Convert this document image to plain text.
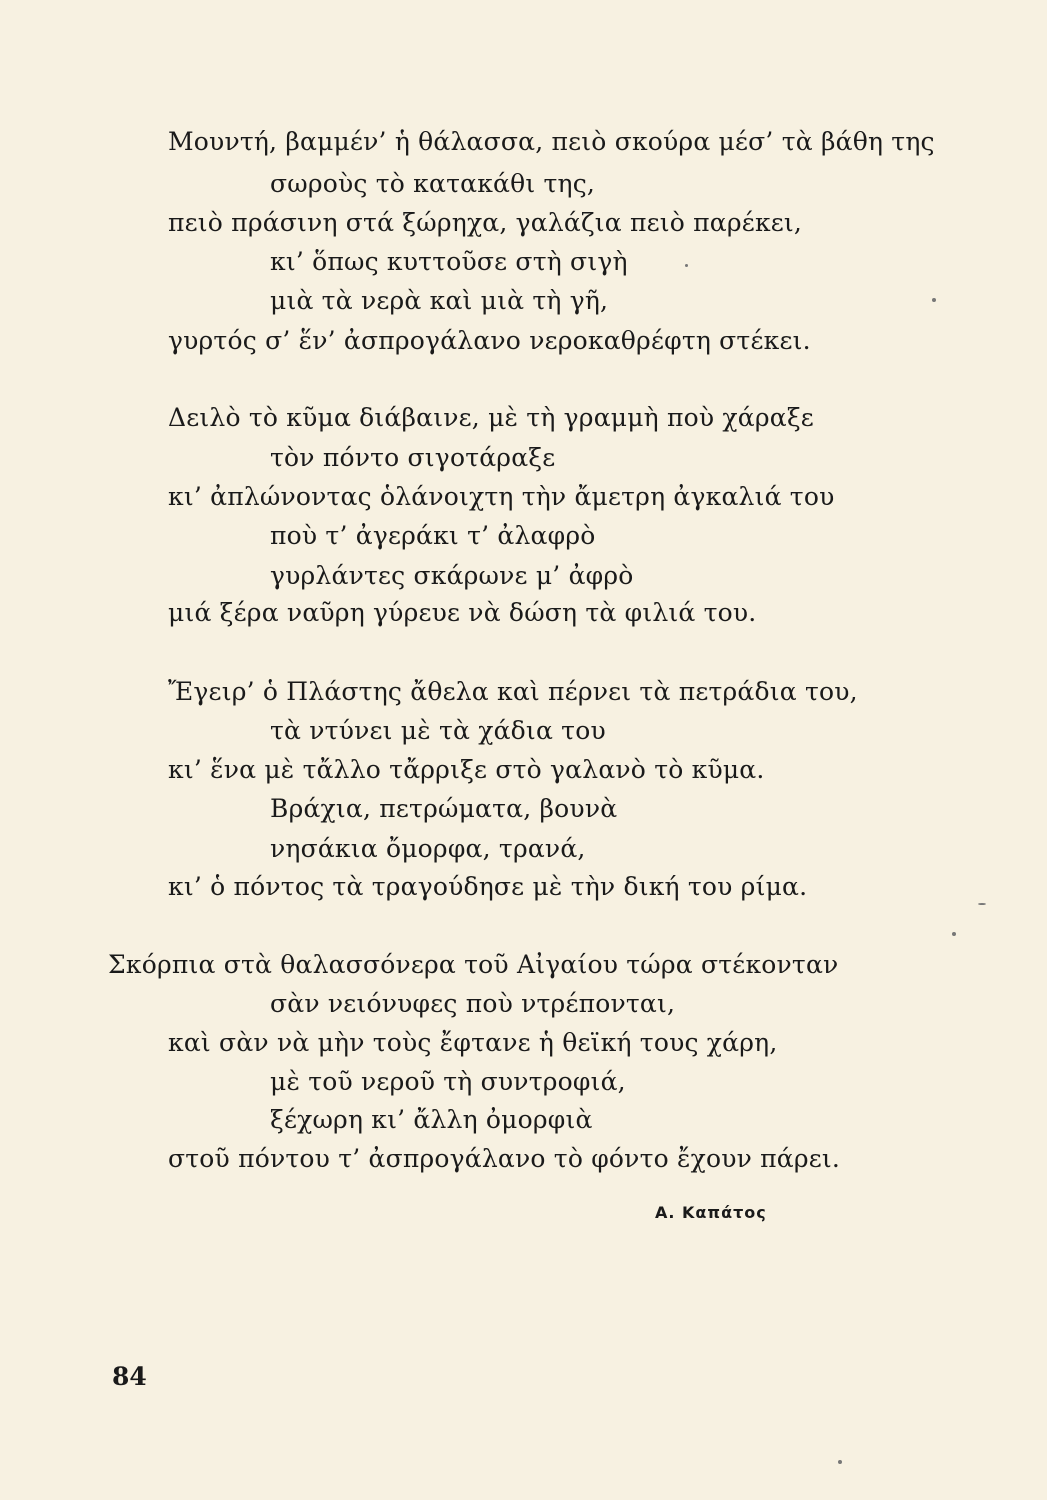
Μουντή, βαμμέν’ ἡ θάλασσα, πειὸ σκούρα μέσ’ τὰ βάθη της
σωροὺς τὸ κατακάθι της,
πειὸ πράσινη στά ξώρηχα, γαλάζια πειὸ παρέκει,
κι’ ὅπως κυττοῦσε στὴ σιγὴ
μιὰ τὰ νερὰ καὶ μιὰ τὴ γῆ,
γυρτός σ’ ἕν’ ἀσπρογάλανο νεροκαθρέφτη στέκει.
Δειλὸ τὸ κῦμα διάβαινε, μὲ τὴ γραμμὴ ποὺ χάραξε
τὸν πόντο σιγοτάραξε
κι’ ἀπλώνοντας ὁλάνοιχτη τὴν ἄμετρη ἀγκαλιά του
ποὺ τ’ ἀγεράκι τ’ ἀλαφρὸ
γυρλάντες σκάρωνε μ’ ἀφρὸ
μιά ξέρα ναῦρη γύρευε νὰ δώση τὰ φιλιά του.
Ἔγειρ’ ὁ Πλάστης ἄθελα καὶ πέρνει τὰ πετράδια του,
τὰ ντύνει μὲ τὰ χάδια του
κι’ ἕνα μὲ τἄλλο τἄρριξε στὸ γαλανὸ τὸ κῦμα.
Βράχια, πετρώματα, βουνὰ
νησάκια ὄμορφα, τρανά,
κι’ ὁ πόντος τὰ τραγούδησε μὲ τὴν δική του ρίμα.
Σκόρπια στὰ θαλασσόνερα τοῦ Αἰγαίου τώρα στέκονταν
σὰν νειόνυφες ποὺ ντρέπονται,
καὶ σὰν νὰ μὴν τοὺς ἔφτανε ἡ θεϊκή τους χάρη,
μὲ τοῦ νεροῦ τὴ συντροφιά,
ξέχωρη κι’ ἄλλη ὀμορφιὰ
στοῦ πόντου τ’ ἀσπρογάλανο τὸ φόντο ἔχουν πάρει.
Α. Καπάτος
84
